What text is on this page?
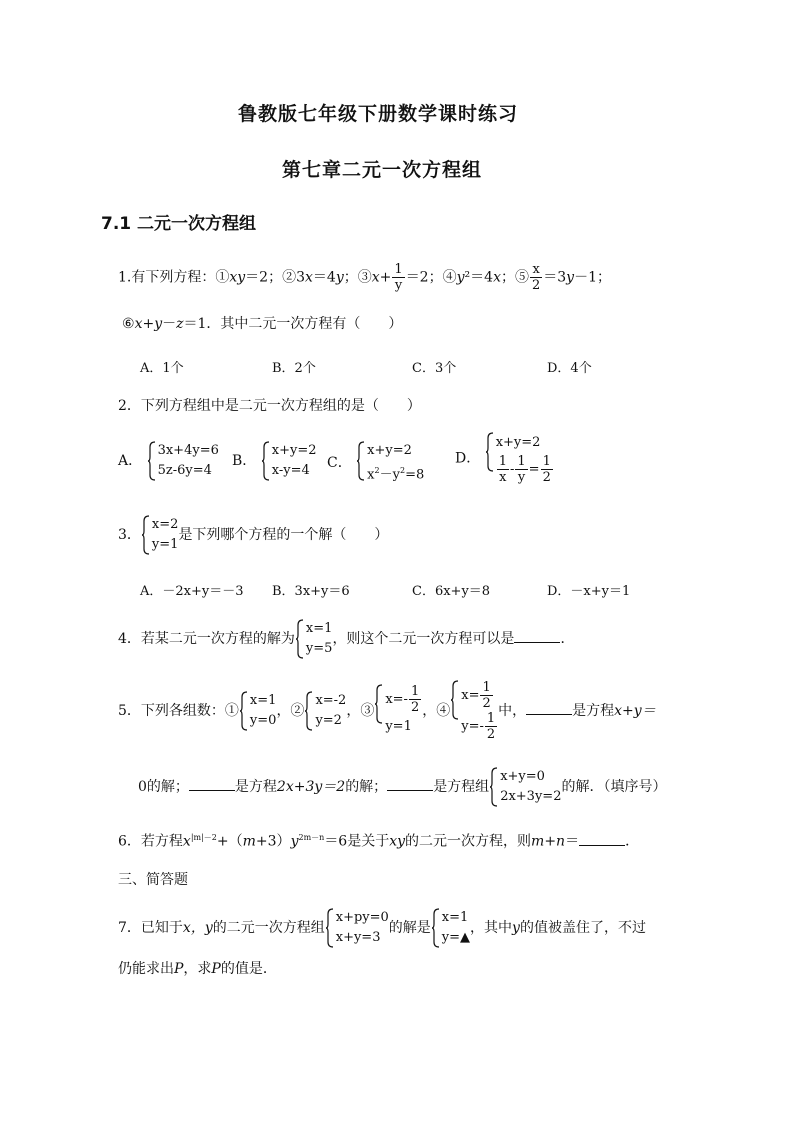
鲁教版七年级下册数学课时练习
第七章二元一次方程组
7.1 二元一次方程组
1.有下列方程：①xy＝2；②3x＝4y；③x+ $\frac{1}{y} =2$；④y²＝4x；⑤ $\frac{x}{2} =3y-1$；
⑥x+y－z＝1．其中二元一次方程有（　　）
A．1个	B．2个	C．3个	D．4个
2．下列方程组中是二元一次方程组的是（　　）
A．
3x+4y=6
5z-6y=4
B．
x+y=2
x-y=4	C．
x+y=2
$x^2-y^2=8$
D．
x+y=2
$\frac{1}{x} - \frac{1}{y} = \frac{1}{2}$
3．
x=2
y=1
是下列哪个方程的一个解（　　）
A．－2x+y＝－3 B．3x+y＝6	C．6x+y＝8	D．－x+y＝1
4．若某二元一次方程的解为
x=1
y=5
，则这个二元一次方程可以是	．
5．下列各组数：①
x=1
y=0
，②
x=-2
y=2
，③
$x=- \frac{1}{2}$
y=1
，④
$x= \frac{1}{2}$
$y=- \frac{1}{2}$ 中，	是方程x+y＝
0的解；	是方程2x+3y＝2的解；	是方程组
x+y=0
2x+3y=2
的解．（填序号）
6．若方程$x^{|m|-2}+(m+3)y^{2m-n}=6$是关于xy的二元一次方程，则m+n＝	．
三、简答题
7．已知于x，y的二元一次方程组
x+py=0
x+y=3
的解是
x=1
y=▲
，其中y的值被盖住了，不过
仍能求出P，求P的值是．
